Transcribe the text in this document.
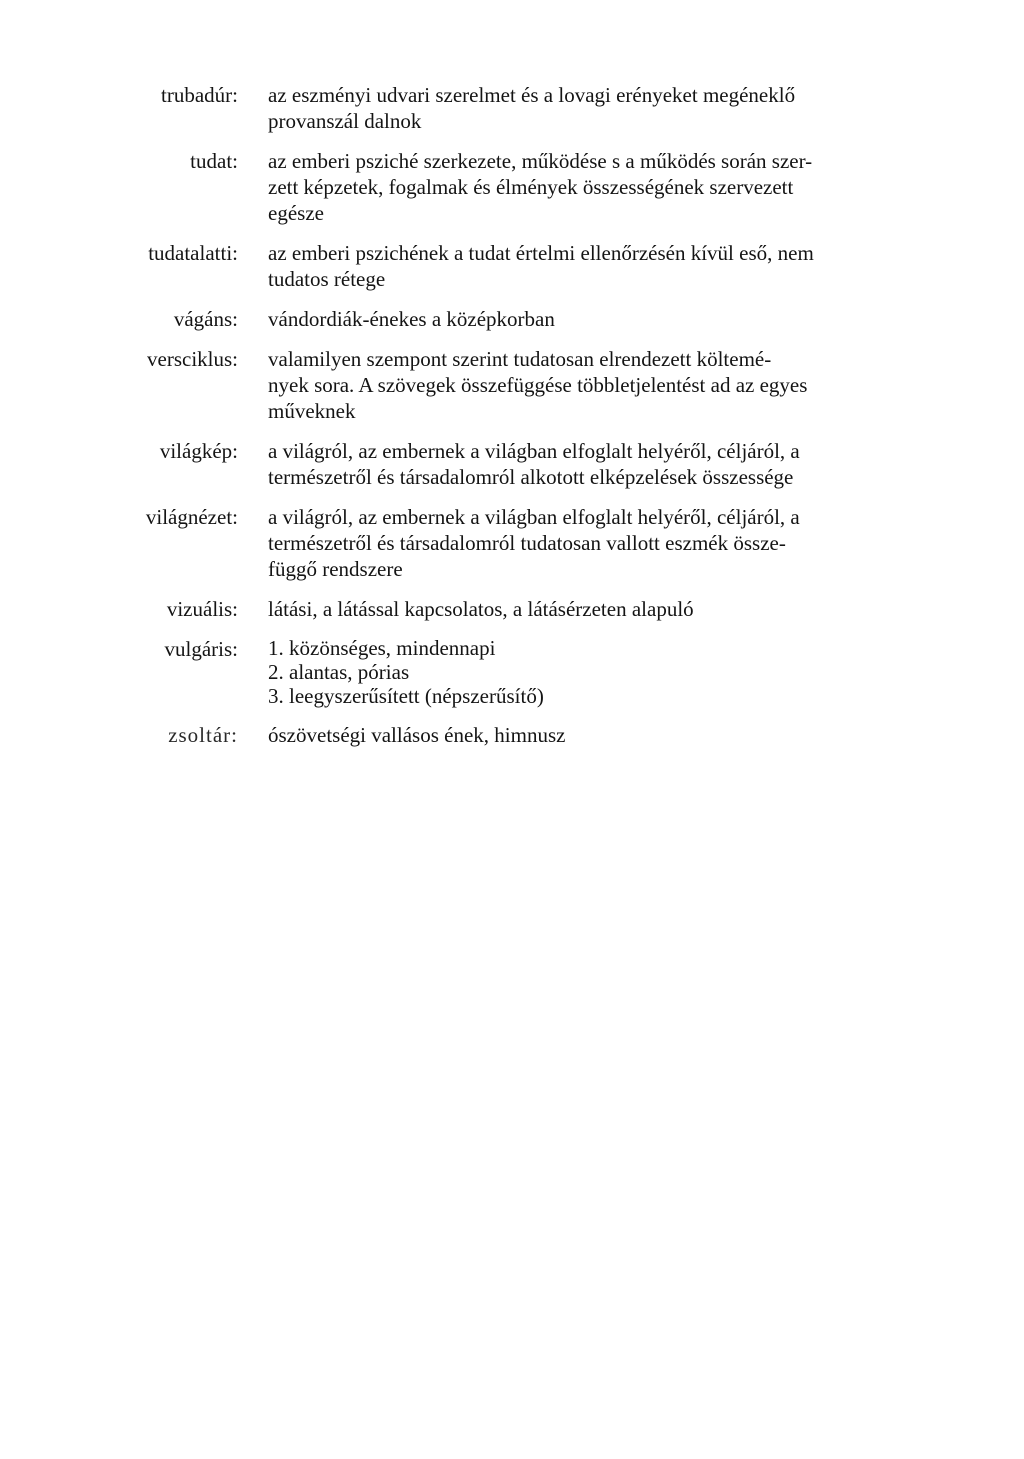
trubadúr: az eszményi udvari szerelmet és a lovagi erényeket megéneklő
provanszál dalnok
tudat: az emberi psziché szerkezete, működése s a működés során szer-
zett képzetek, fogalmak és élmények összességének szervezett
egésze
tudatalatti: az emberi pszichének a tudat értelmi ellenőrzésén kívül eső, nem
tudatos rétege
vágáns: vándordiák-énekes a középkorban
versciklus: valamilyen szempont szerint tudatosan elrendezett költemé-
nyek sora. A szövegek összefüggése többletjelentést ad az egyes
műveknek
világkép: a világról, az embernek a világban elfoglalt helyéről, céljáról, a
természetről és társadalomról alkotott elképzelések összessége
világnézet: a világról, az embernek a világban elfoglalt helyéről, céljáról, a
természetről és társadalomról tudatosan vallott eszmék össze-
függő rendszere
vizuális: látási, a látással kapcsolatos, a látásérzeten alapuló
vulgáris: 1. közönséges, mindennapi
2. alantas, pórias
3. leegyszerűsített (népszerűsítő)
zsoltár: ószövetségi vallásos ének, himnusz
